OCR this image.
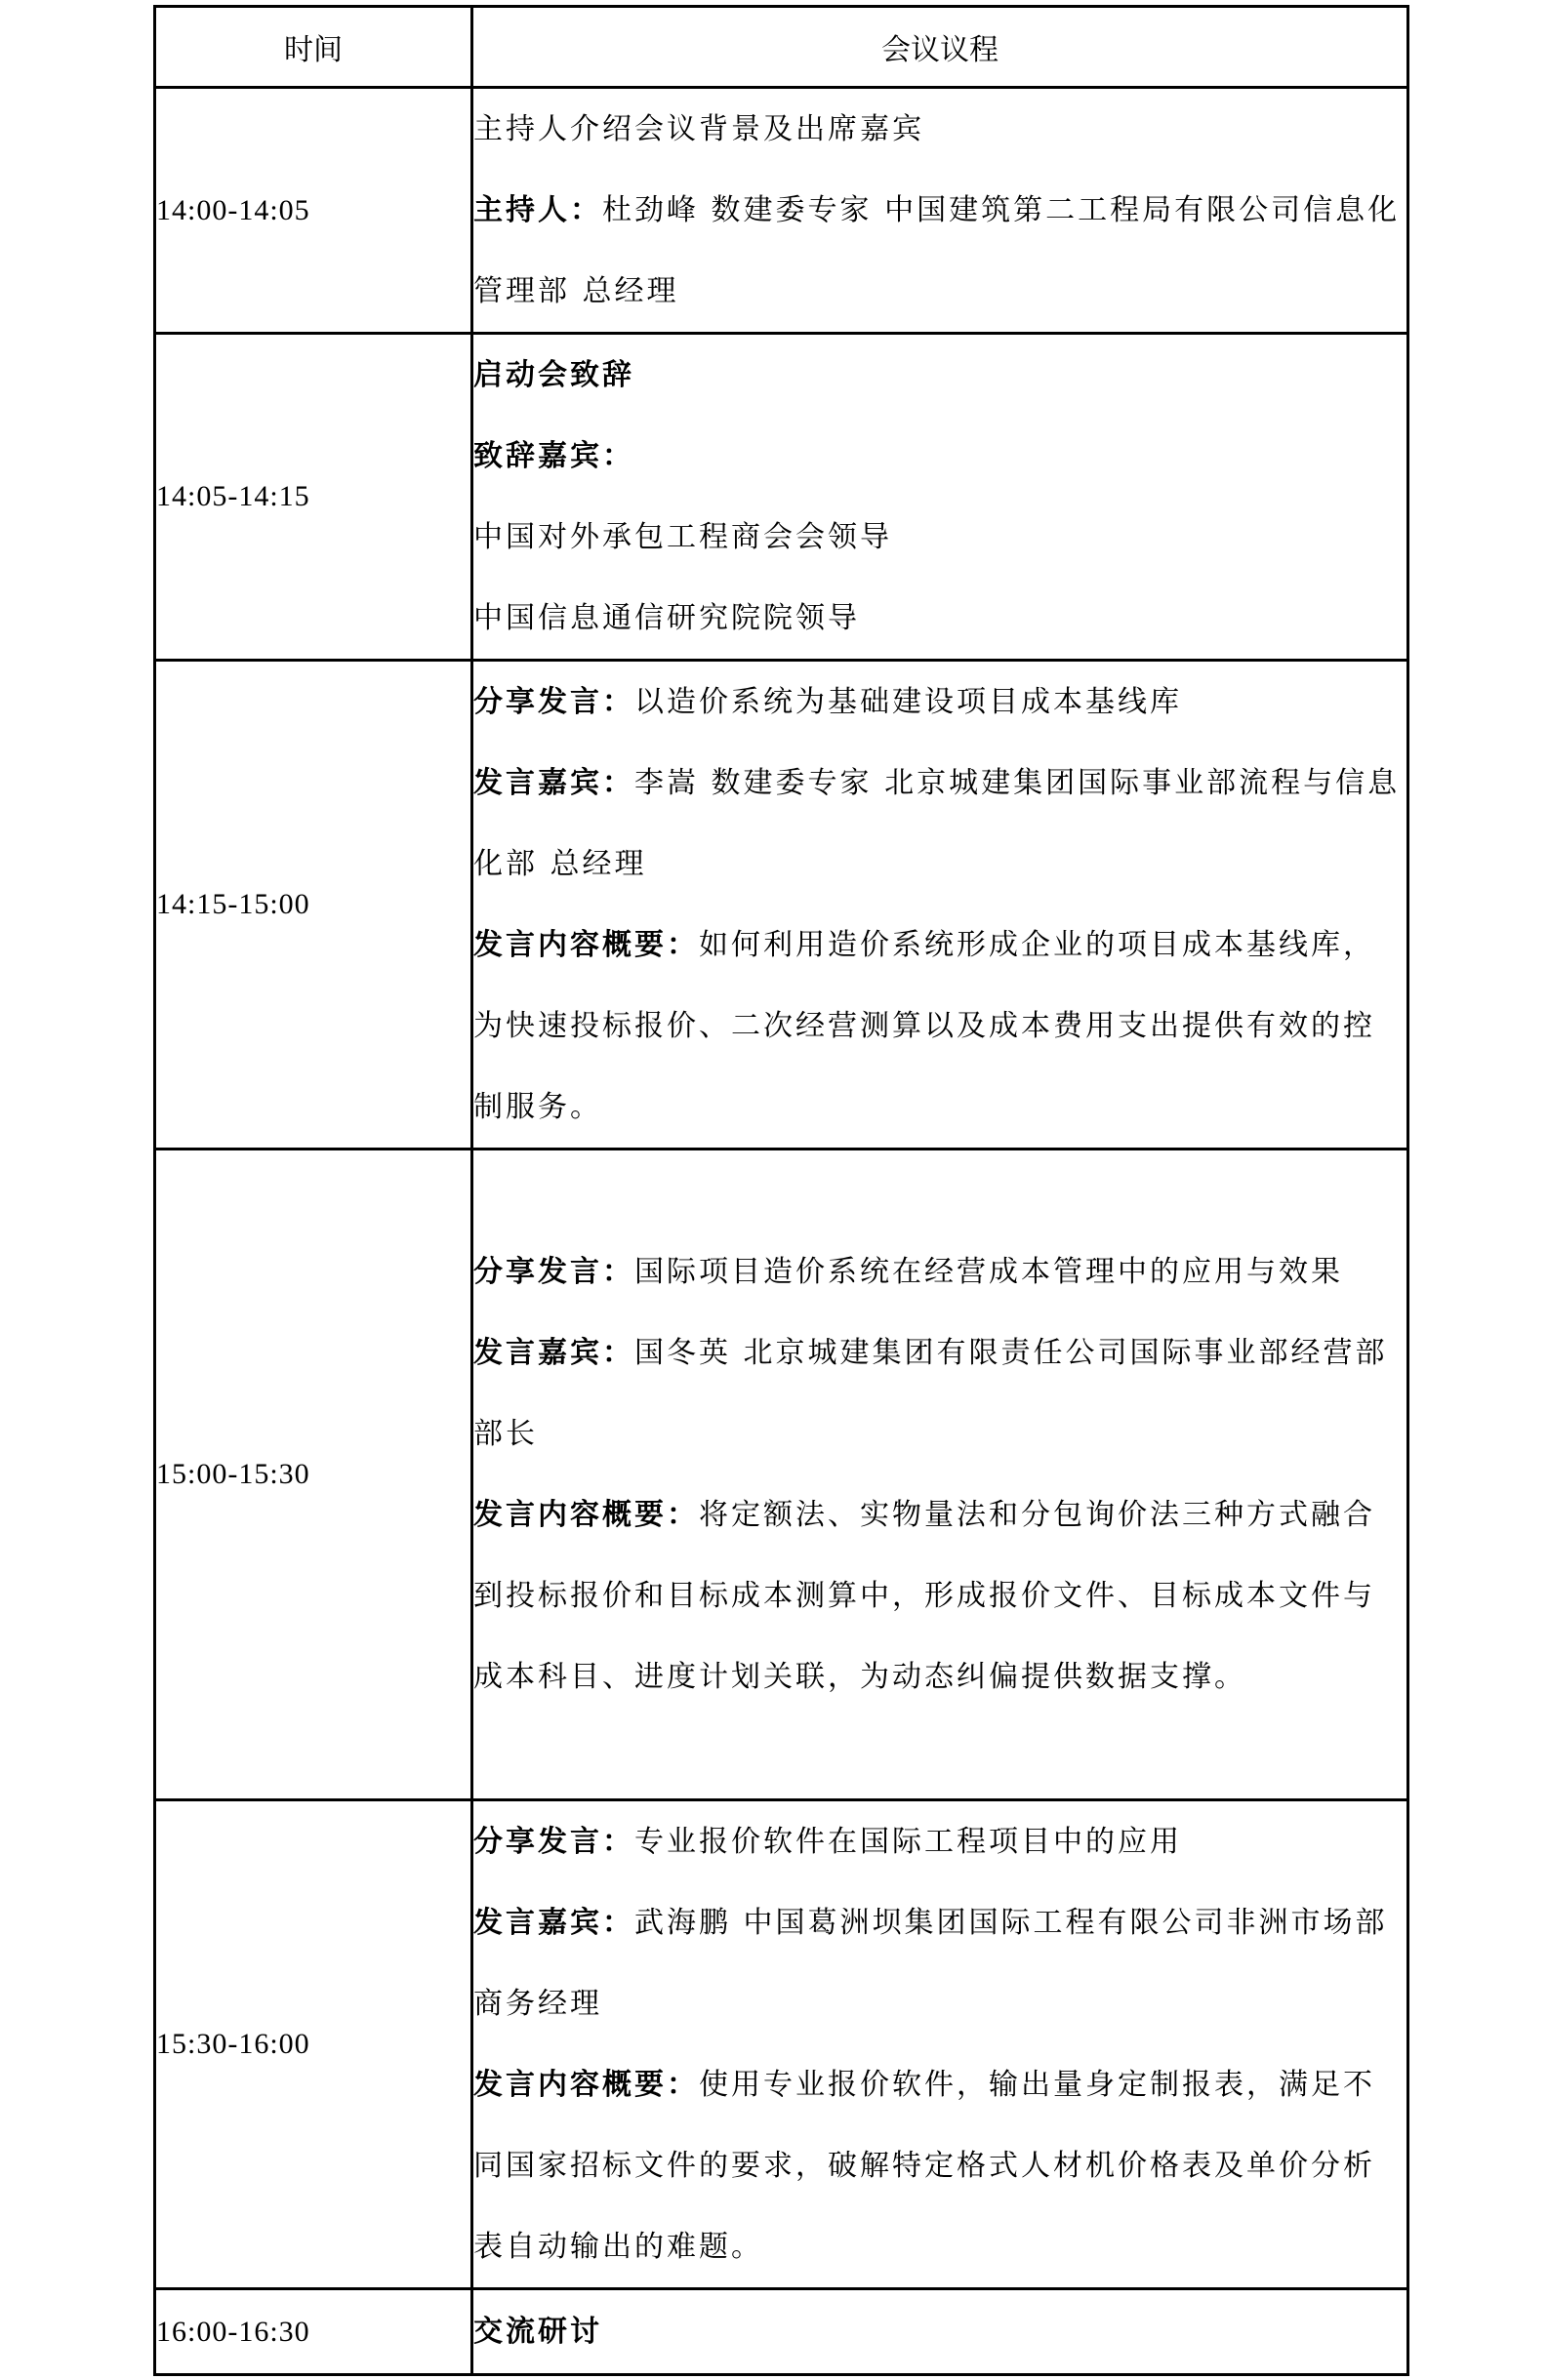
时间	会议议程
14:00-14:05	主持人介绍会议背景及出席嘉宾
主持人：杜劲峰 数建委专家 中国建筑第二工程局有限公司信息化管理部 总经理

14:05-14:15	启动会致辞
致辞嘉宾：
中国对外承包工程商会会领导
中国信息通信研究院院领导

14:15-15:00	分享发言：以造价系统为基础建设项目成本基线库
发言嘉宾：李嵩 数建委专家 北京城建集团国际事业部流程与信息化部 总经理
发言内容概要：如何利用造价系统形成企业的项目成本基线库，为快速投标报价、二次经营测算以及成本费用支出提供有效的控制服务。

15:00-15:30	分享发言：国际项目造价系统在经营成本管理中的应用与效果
发言嘉宾：国冬英 北京城建集团有限责任公司国际事业部经营部部长
发言内容概要：将定额法、实物量法和分包询价法三种方式融合到投标报价和目标成本测算中，形成报价文件、目标成本文件与成本科目、进度计划关联，为动态纠偏提供数据支撑。

15:30-16:00	分享发言：专业报价软件在国际工程项目中的应用
发言嘉宾：武海鹏 中国葛洲坝集团国际工程有限公司非洲市场部商务经理
发言内容概要：使用专业报价软件，输出量身定制报表，满足不同国家招标文件的要求，破解特定格式人材机价格表及单价分析表自动输出的难题。

16:00-16:30	交流研讨
